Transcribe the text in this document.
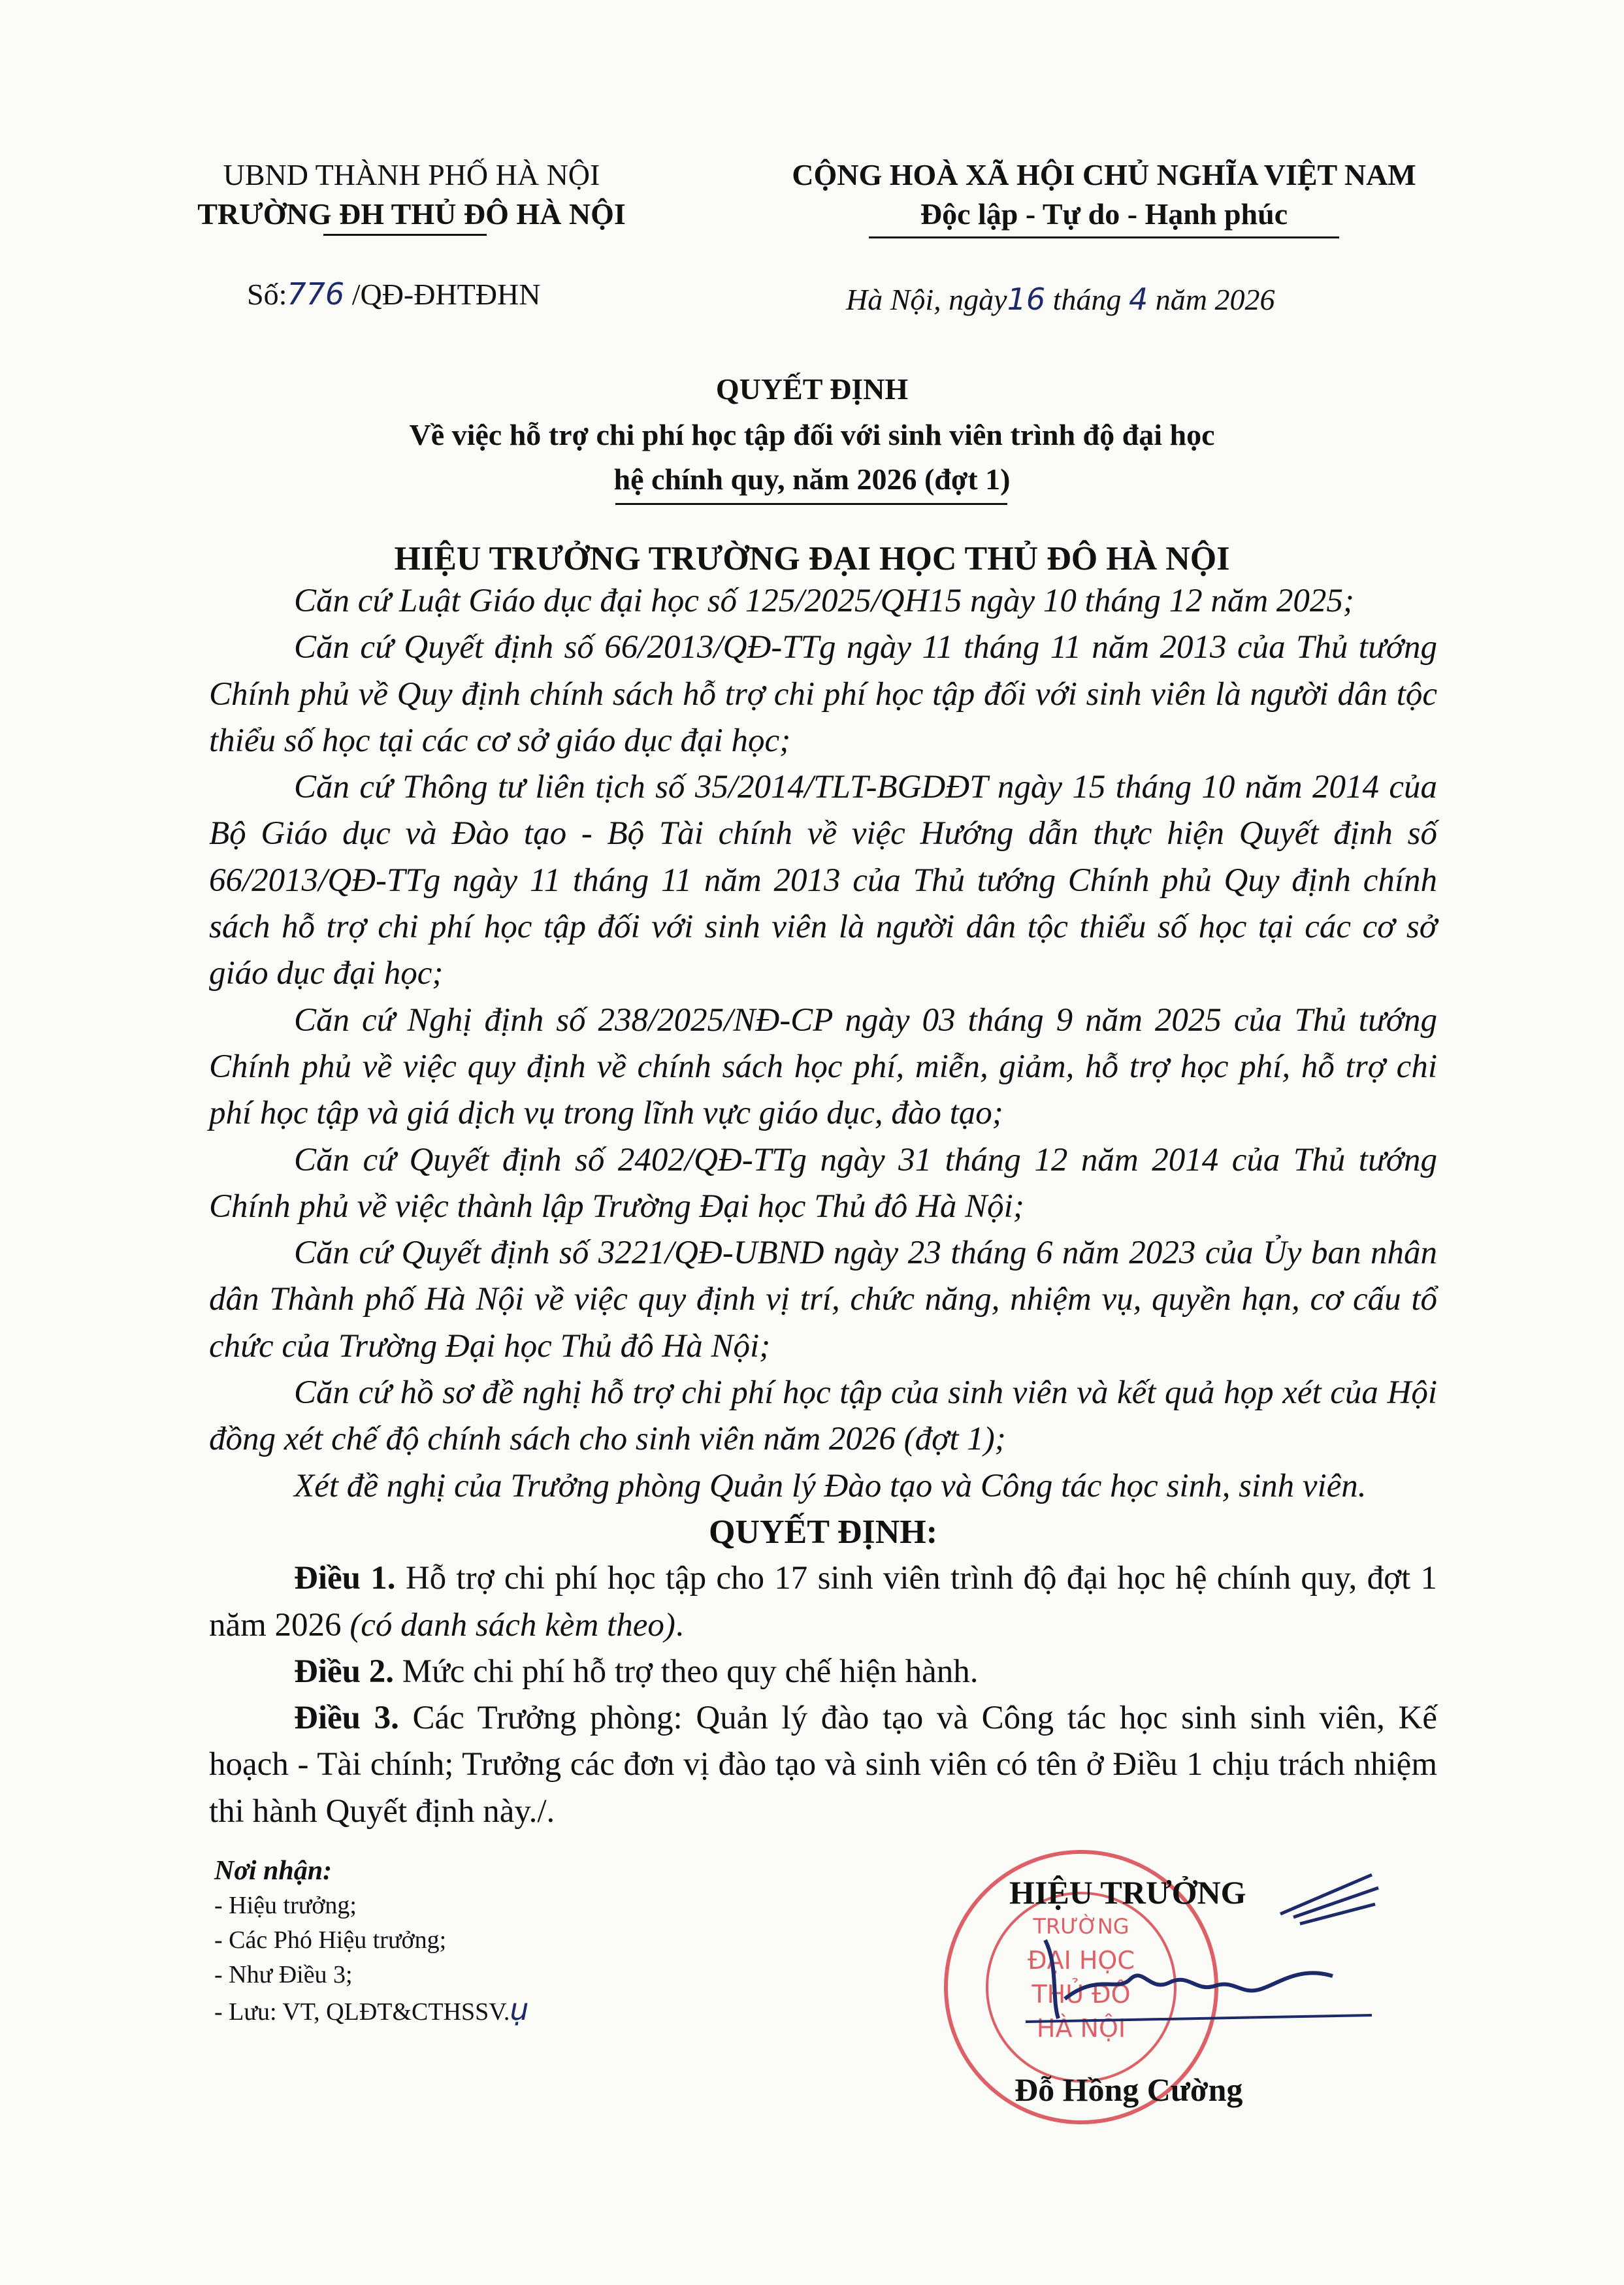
UBND THÀNH PHỐ HÀ NỘI
TRƯỜNG ĐH THỦ ĐÔ HÀ NỘI
CỘNG HOÀ XÃ HỘI CHỦ NGHĨA VIỆT NAM
Độc lập - Tự do - Hạnh phúc
Số:776 /QĐ-ĐHTĐHN	Hà Nội, ngày16 tháng 4 năm 2026
QUYẾT ĐỊNH
Về việc hỗ trợ chi phí học tập đối với sinh viên trình độ đại học
hệ chính quy, năm 2026 (đợt 1)
HIỆU TRƯỞNG TRƯỜNG ĐẠI HỌC THỦ ĐÔ HÀ NỘI

Căn cứ Luật Giáo dục đại học số 125/2025/QH15 ngày 10 tháng 12 năm 2025;

Căn cứ Quyết định số 66/2013/QĐ-TTg ngày 11 tháng 11 năm 2013 của Thủ tướng Chính phủ về Quy định chính sách hỗ trợ chi phí học tập đối với sinh viên là người dân tộc thiểu số học tại các cơ sở giáo dục đại học;

Căn cứ Thông tư liên tịch số 35/2014/TLT-BGDĐT ngày 15 tháng 10 năm 2014 của Bộ Giáo dục và Đào tạo - Bộ Tài chính về việc Hướng dẫn thực hiện Quyết định số 66/2013/QĐ-TTg ngày 11 tháng 11 năm 2013 của Thủ tướng Chính phủ Quy định chính sách hỗ trợ chi phí học tập đối với sinh viên là người dân tộc thiểu số học tại các cơ sở giáo dục đại học;

Căn cứ Nghị định số 238/2025/NĐ-CP ngày 03 tháng 9 năm 2025 của Thủ tướng Chính phủ về việc quy định về chính sách học phí, miễn, giảm, hỗ trợ học phí, hỗ trợ chi phí học tập và giá dịch vụ trong lĩnh vực giáo dục, đào tạo;

Căn cứ Quyết định số 2402/QĐ-TTg ngày 31 tháng 12 năm 2014 của Thủ tướng Chính phủ về việc thành lập Trường Đại học Thủ đô Hà Nội;

Căn cứ Quyết định số 3221/QĐ-UBND ngày 23 tháng 6 năm 2023 của Ủy ban nhân dân Thành phố Hà Nội về việc quy định vị trí, chức năng, nhiệm vụ, quyền hạn, cơ cấu tổ chức của Trường Đại học Thủ đô Hà Nội;

Căn cứ hồ sơ đề nghị hỗ trợ chi phí học tập của sinh viên và kết quả họp xét của Hội đồng xét chế độ chính sách cho sinh viên năm 2026 (đợt 1);

Xét đề nghị của Trưởng phòng Quản lý Đào tạo và Công tác học sinh, sinh viên.

QUYẾT ĐỊNH:

Điều 1. Hỗ trợ chi phí học tập cho 17 sinh viên trình độ đại học hệ chính quy, đợt 1 năm 2026 (có danh sách kèm theo).

Điều 2. Mức chi phí hỗ trợ theo quy chế hiện hành.

Điều 3. Các Trưởng phòng: Quản lý đào tạo và Công tác học sinh sinh viên, Kế hoạch - Tài chính; Trưởng các đơn vị đào tạo và sinh viên có tên ở Điều 1 chịu trách nhiệm thi hành Quyết định này./.

Nơi nhận:
- Hiệu trưởng;
- Các Phó Hiệu trưởng;
- Như Điều 3;
- Lưu: VT, QLĐT&CTHSSV.ụ
TRƯỜNG
ĐẠI HỌC
THỦ ĐÔ
HÀ NỘI
HIỆU TRƯỞNG
Đỗ Hồng Cường
